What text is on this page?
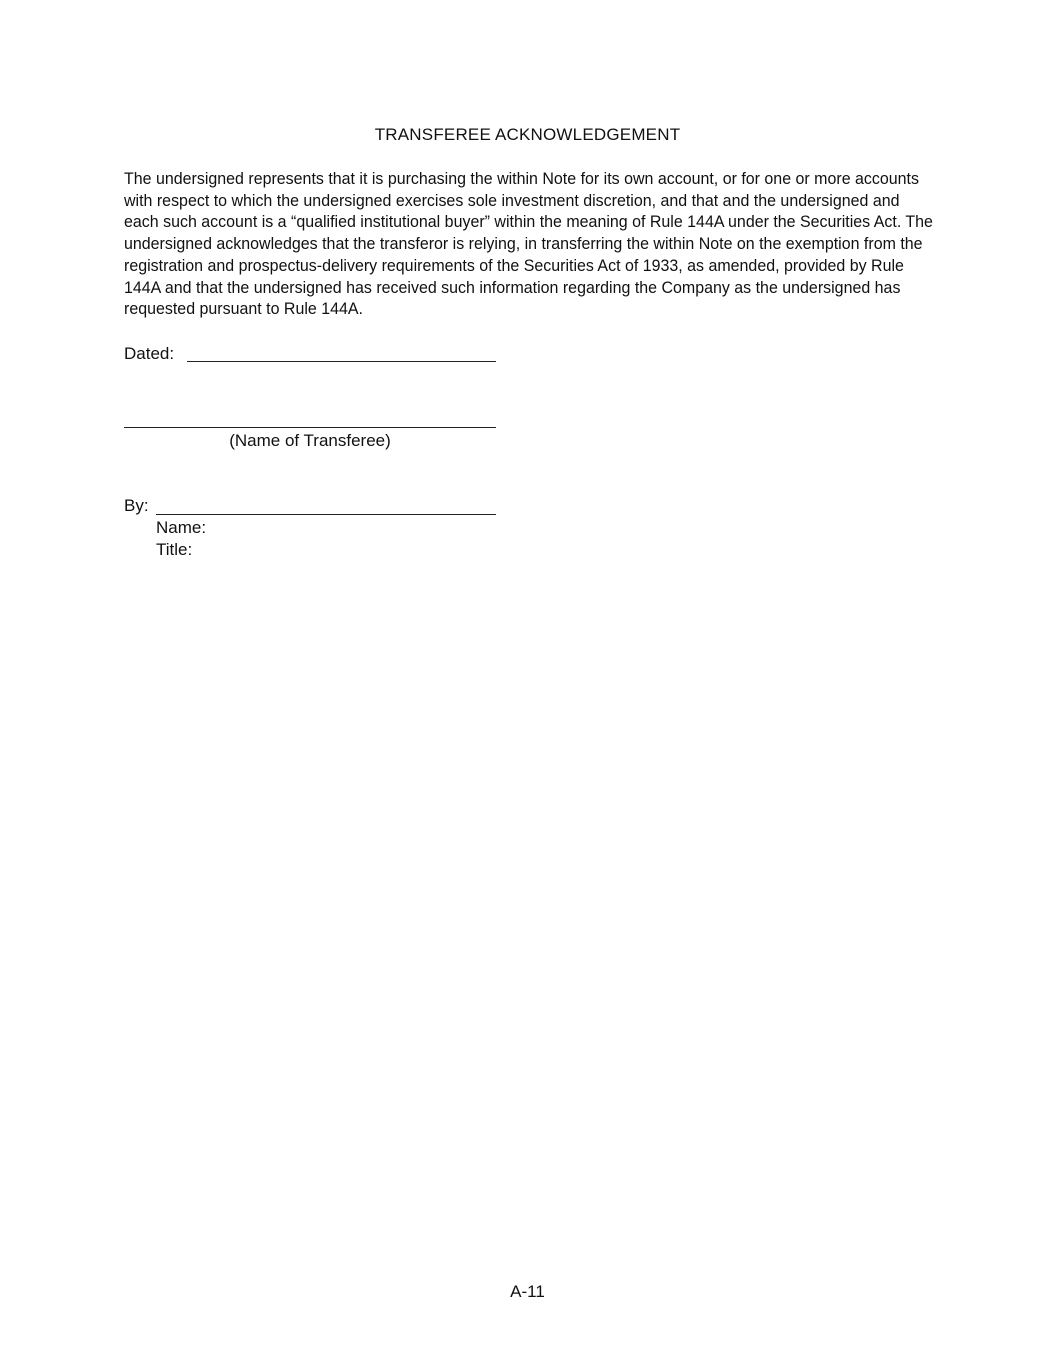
TRANSFEREE ACKNOWLEDGEMENT
The undersigned represents that it is purchasing the within Note for its own account, or for one or more accounts with respect to which the undersigned exercises sole investment discretion, and that and the undersigned and each such account is a “qualified institutional buyer” within the meaning of Rule 144A under the Securities Act. The undersigned acknowledges that the transferor is relying, in transferring the within Note on the exemption from the registration and prospectus-delivery requirements of the Securities Act of 1933, as amended, provided by Rule 144A and that the undersigned has received such information regarding the Company as the undersigned has requested pursuant to Rule 144A.
Dated:
(Name of Transferee)
By:
Name:
Title:
A-11
